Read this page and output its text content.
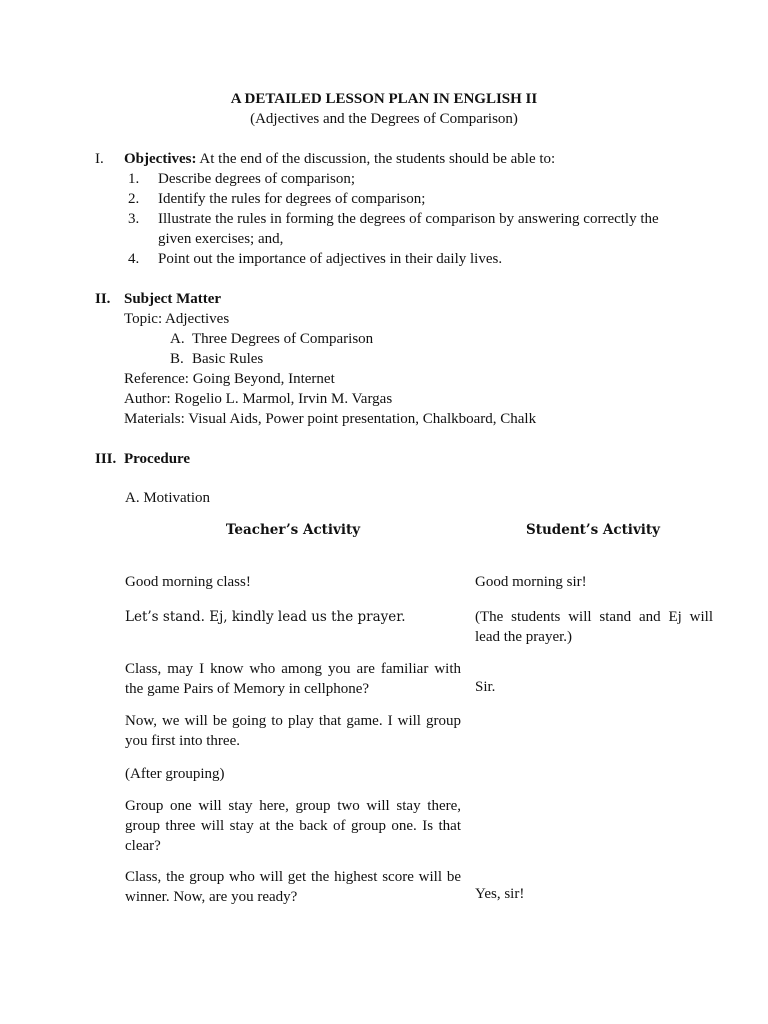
A DETAILED LESSON PLAN IN ENGLISH II
(Adjectives and the Degrees of Comparison)
I. Objectives: At the end of the discussion, the students should be able to:
1. Describe degrees of comparison;
2. Identify the rules for degrees of comparison;
3. Illustrate the rules in forming the degrees of comparison by answering correctly the given exercises; and,
4. Point out the importance of adjectives in their daily lives.
II. Subject Matter
Topic: Adjectives
A. Three Degrees of Comparison
B. Basic Rules
Reference: Going Beyond, Internet
Author: Rogelio L. Marmol, Irvin M. Vargas
Materials: Visual Aids, Power point presentation, Chalkboard, Chalk
III. Procedure
A. Motivation
Teacher’s Activity	Student’s Activity
Good morning class!
Let’s stand. Ej, kindly lead us the prayer.
Class, may I know who among you are familiar with the game Pairs of Memory in cellphone?
Now, we will be going to play that game. I will group you first into three.
(After grouping)
Group one will stay here, group two will stay there, group three will stay at the back of group one. Is that clear?
Class, the group who will get the highest score will be winner. Now, are you ready?
Good morning sir!
(The students will stand and Ej will lead the prayer.)
Sir.
Yes, sir!
